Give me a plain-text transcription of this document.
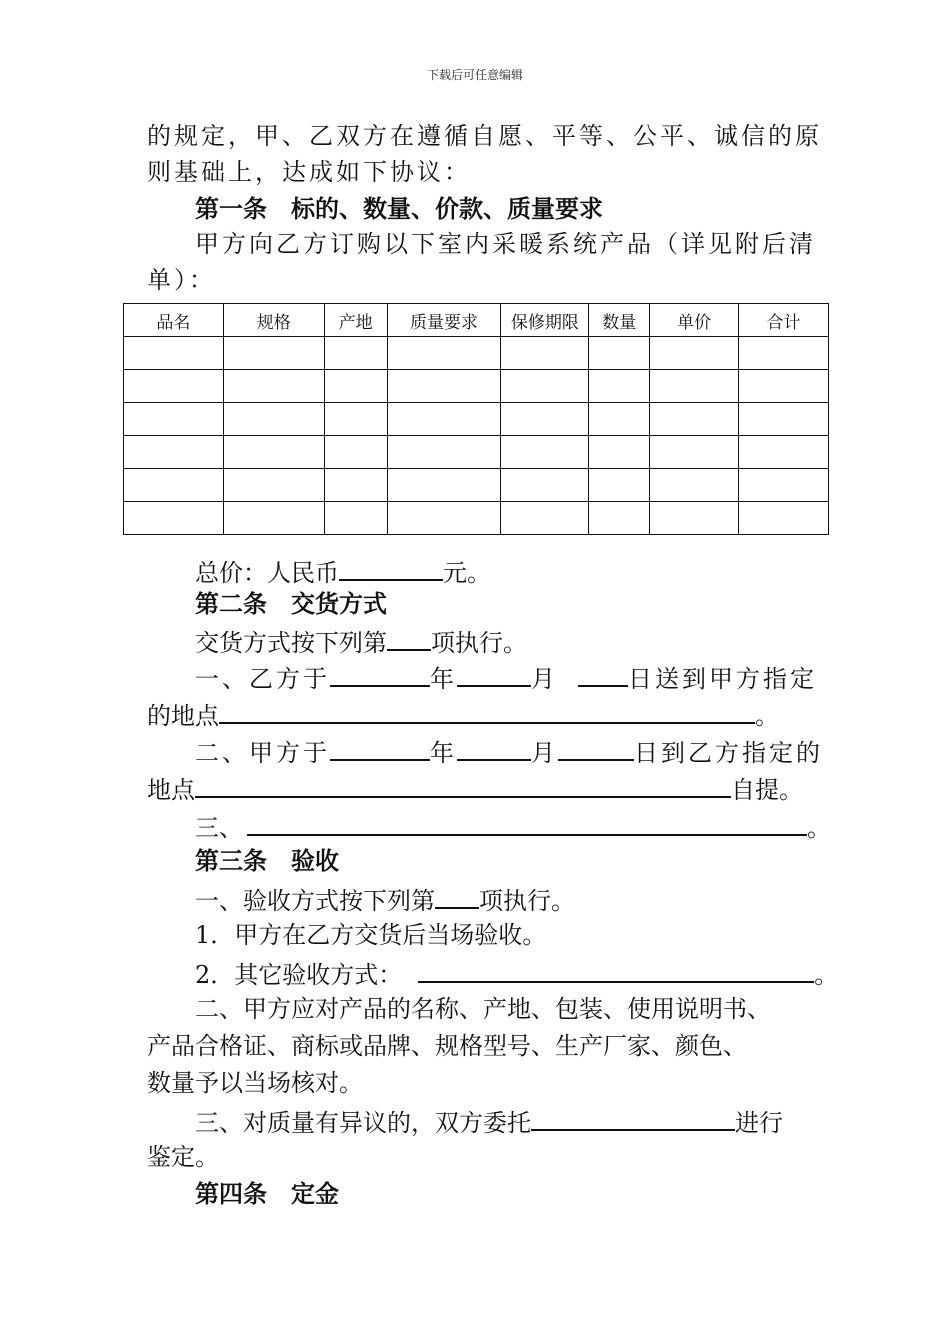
下载后可任意编辑
的规定，甲、乙双方在遵循自愿、平等、公平、诚信的原
则基础上，达成如下协议：
第一条　标的、数量、价款、质量要求
甲方向乙方订购以下室内采暖系统产品（详见附后清
单）：
品名	规格	产地	质量要求	保修期限	数量	单价	合计

总价：人民币	元。
第二条　交货方式
交货方式按下列第 项执行。
一、乙方于	年	月	日送到甲方指定
的地点	。
二、甲方于	年	月	日到乙方指定的
地点	自提。
三、	。
第三条　验收
一、验收方式按下列第 项执行。
1．甲方在乙方交货后当场验收。
2．其它验收方式：	。
二、甲方应对产品的名称、产地、包装、使用说明书、
产品合格证、商标或品牌、规格型号、生产厂家、颜色、
数量予以当场核对。
三、对质量有异议的，双方委托	进行
鉴定。
第四条　定金
